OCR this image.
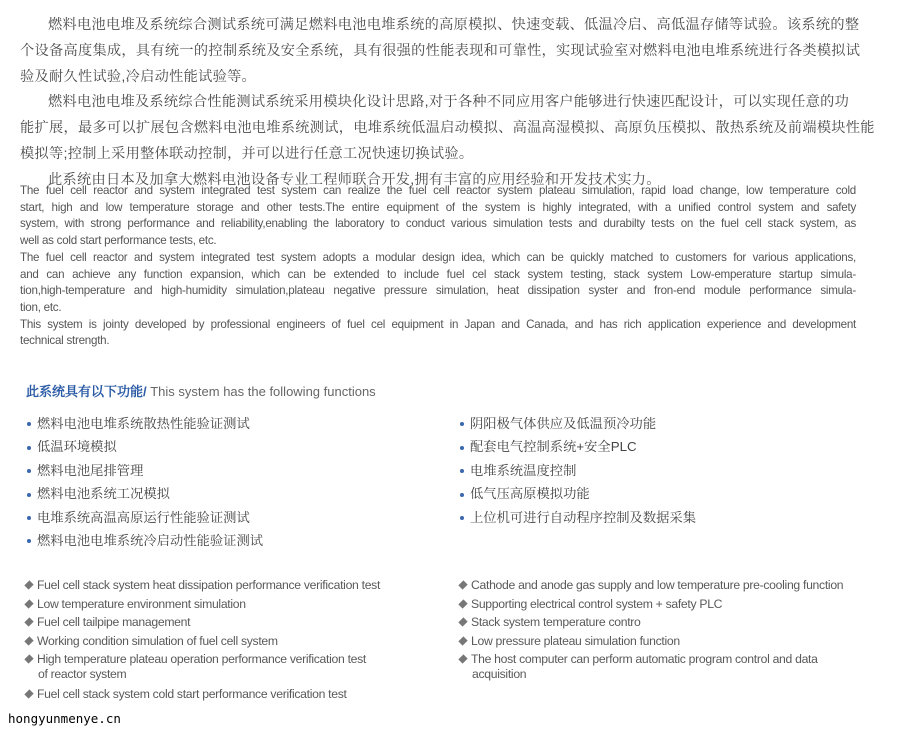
燃料电池电堆及系统综合测试系统可满足燃料电池电堆系统的高原模拟、快速变载、低温冷启、高低温存储等试验。该系统的整
个设备高度集成，具有统一的控制系统及安全系统，具有很强的性能表现和可靠性，实现试验室对燃料电池电堆系统进行各类模拟试
验及耐久性试验,冷启动性能试验等。
燃料电池电堆及系统综合性能测试系统采用模块化设计思路,对于各种不同应用客户能够进行快速匹配设计，可以实现任意的功
能扩展，最多可以扩展包含燃料电池电堆系统测试，电堆系统低温启动模拟、高温高湿模拟、高原负压模拟、散热系统及前端模块性能
模拟等;控制上采用整体联动控制，并可以进行任意工况快速切换试验。
此系统由日本及加拿大燃料电池设备专业工程师联合开发,拥有丰富的应用经验和开发技术实力。
The fuel cell reactor and system integrated test system can realize the fuel cell reactor system plateau simulation, rapid load change, low temperature cold
start, high and low temperature storage and other tests.The entire equipment of the system is highly integrated, with a unified control system and safety
system, with strong performance and reliability,enabling the laboratory to conduct various simulation tests and durabilty tests on the fuel cell stack system, as
well as cold start performance tests, etc.
The fuel cell reactor and system integrated test system adopts a modular design idea, which can be quickly matched to customers for various applications,
and can achieve any function expansion, which can be extended to include fuel cel stack system testing, stack system Low-emperature startup simula-
tion,high-temperature and high-humidity simulation,plateau negative pressure simulation, heat dissipation syster and fron-end module performance simula-
tion, etc.
This system is jointy developed by professional engineers of fuel cel equipment in Japan and Canada, and has rich application experience and development
technical strength.
此系统具有以下功能/ This system has the following functions
燃料电池电堆系统散热性能验证测试
低温环境模拟
燃料电池尾排管理
燃料电池系统工况模拟
电堆系统高温高原运行性能验证测试
燃料电池电堆系统冷启动性能验证测试
阴阳极气体供应及低温预冷功能
配套电气控制系统+安全PLC
电堆系统温度控制
低气压高原模拟功能
上位机可进行自动程序控制及数据采集
Fuel cell stack system heat dissipation performance verification test
Low temperature environment simulation
Fuel cell tailpipe management
Working condition simulation of fuel cell system
High temperature plateau operation performance verification test
of reactor system
Fuel cell stack system cold start performance verification test
Cathode and anode gas supply and low temperature pre-cooling function
Supporting electrical control system + safety PLC
Stack system temperature contro
Low pressure plateau simulation function
The host computer can perform automatic program control and data
acquisition
hongyunmenye.cn
